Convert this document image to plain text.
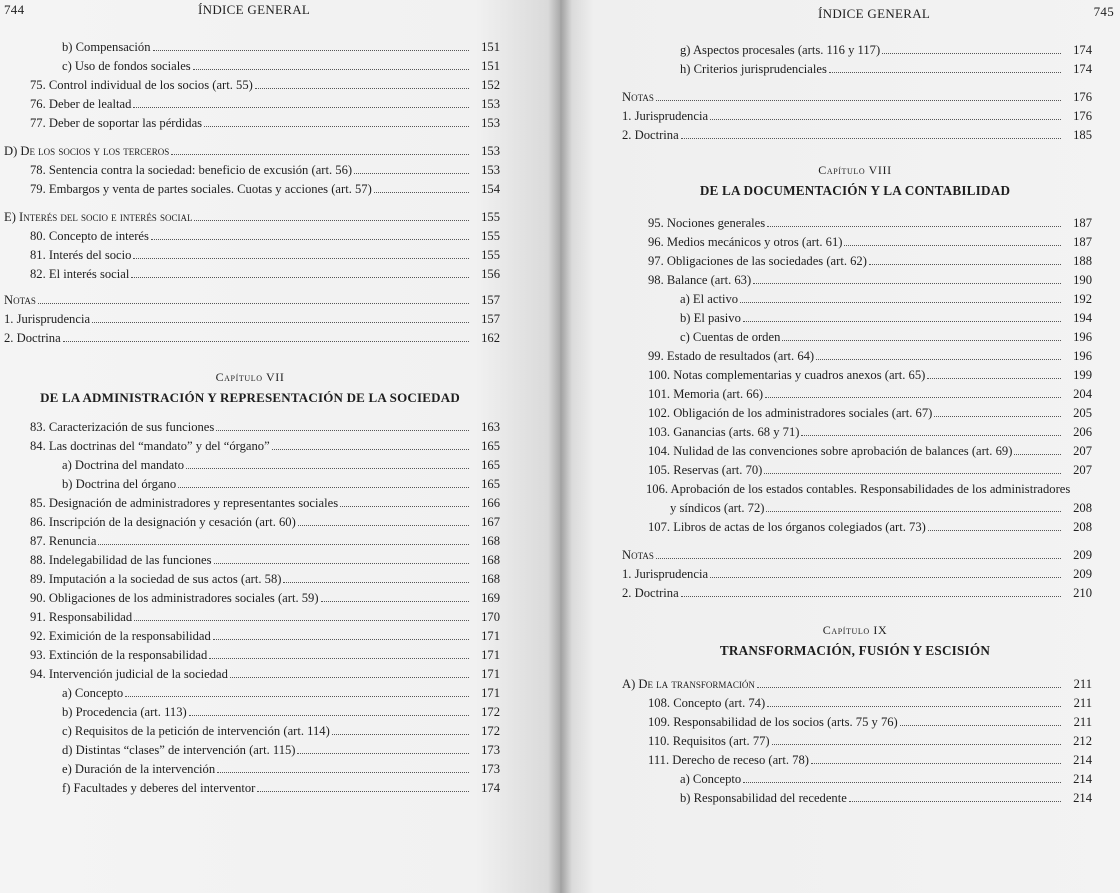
744	ÍNDICE GENERAL
b) Compensación	151
c) Uso de fondos sociales	151
75. Control individual de los socios (art. 55)	152
76. Deber de lealtad	153
77. Deber de soportar las pérdidas	153
D) De los socios y los terceros	153
78. Sentencia contra la sociedad: beneficio de excusión (art. 56)	153
79. Embargos y venta de partes sociales. Cuotas y acciones (art. 57)	154
E) Interés del socio e interés social	155
80. Concepto de interés	155
81. Interés del socio	155
82. El interés social	156
Notas	157
1. Jurisprudencia	157
2. Doctrina	162
Capítulo VII
DE LA ADMINISTRACIÓN Y REPRESENTACIÓN DE LA SOCIEDAD
83. Caracterización de sus funciones	163
84. Las doctrinas del “mandato” y del “órgano”	165
a) Doctrina del mandato	165
b) Doctrina del órgano	165
85. Designación de administradores y representantes sociales	166
86. Inscripción de la designación y cesación (art. 60)	167
87. Renuncia	168
88. Indelegabilidad de las funciones	168
89. Imputación a la sociedad de sus actos (art. 58)	168
90. Obligaciones de los administradores sociales (art. 59)	169
91. Responsabilidad	170
92. Eximición de la responsabilidad	171
93. Extinción de la responsabilidad	171
94. Intervención judicial de la sociedad	171
a) Concepto	171
b) Procedencia (art. 113)	172
c) Requisitos de la petición de intervención (art. 114)	172
d) Distintas “clases” de intervención (art. 115)	173
e) Duración de la intervención	173
f) Facultades y deberes del interventor	174
ÍNDICE GENERAL	745
g) Aspectos procesales (arts. 116 y 117)	174
h) Criterios jurisprudenciales	174
Notas	176
1. Jurisprudencia	176
2. Doctrina	185
Capítulo VIII
DE LA DOCUMENTACIÓN Y LA CONTABILIDAD
95. Nociones generales	187
96. Medios mecánicos y otros (art. 61)	187
97. Obligaciones de las sociedades (art. 62)	188
98. Balance (art. 63)	190
a) El activo	192
b) El pasivo	194
c) Cuentas de orden	196
99. Estado de resultados (art. 64)	196
100. Notas complementarias y cuadros anexos (art. 65)	199
101. Memoria (art. 66)	204
102. Obligación de los administradores sociales (art. 67)	205
103. Ganancias (arts. 68 y 71)	206
104. Nulidad de las convenciones sobre aprobación de balances (art. 69)	207
105. Reservas (art. 70)	207
106. Aprobación de los estados contables. Responsabilidades de los administradores
y síndicos (art. 72)	208
107. Libros de actas de los órganos colegiados (art. 73)	208
Notas	209
1. Jurisprudencia	209
2. Doctrina	210
Capítulo IX
TRANSFORMACIÓN, FUSIÓN Y ESCISIÓN
A) De la transformación	211
108. Concepto (art. 74)	211
109. Responsabilidad de los socios (arts. 75 y 76)	211
110. Requisitos (art. 77)	212
111. Derecho de receso (art. 78)	214
a) Concepto	214
b) Responsabilidad del recedente	214
